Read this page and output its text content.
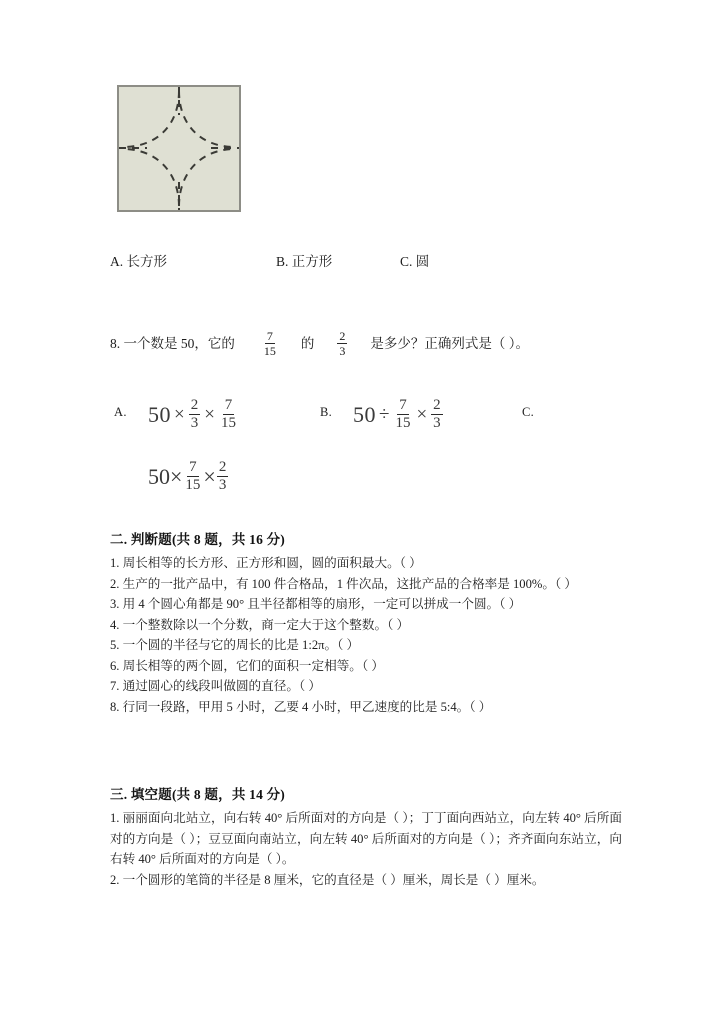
A. 长方形	B. 正方形	C. 圆
8. 一个数是 50，它的 $\frac{7}{15}$ 的 $\frac{2}{3}$ 是多少？正确列式是（ ）。
A. $50 \times \frac{2}{3} \times \frac{7}{15}$	B. $50 \div \frac{7}{15} \times \frac{2}{3}$	C.
$50 \times \frac{7}{15} \times \frac{2}{3}$
二. 判断题(共 8 题，共 16 分)

1. 周长相等的长方形、正方形和圆，圆的面积最大。（ ）

2. 生产的一批产品中，有 100 件合格品，1 件次品，这批产品的合格率是 100%。（ ）

3. 用 4 个圆心角都是 90° 且半径都相等的扇形，一定可以拼成一个圆。（ ）

4. 一个整数除以一个分数，商一定大于这个整数。（ ）

5. 一个圆的半径与它的周长的比是 1:2π。（ ）

6. 周长相等的两个圆，它们的面积一定相等。（ ）

7. 通过圆心的线段叫做圆的直径。（ ）

8. 行同一段路，甲用 5 小时，乙要 4 小时，甲乙速度的比是 5:4。（ ）

三. 填空题(共 8 题，共 14 分)

1. 丽丽面向北站立，向右转 40° 后所面对的方向是（ ）；丁丁面向西站立，向左转 40° 后所面对的方向是（ ）；豆豆面向南站立，向左转 40° 后所面对的方向是（ ）；齐齐面向东站立，向右转 40° 后所面对的方向是（ ）。

2. 一个圆形的笔筒的半径是 8 厘米，它的直径是（ ）厘米，周长是（ ）厘米。
